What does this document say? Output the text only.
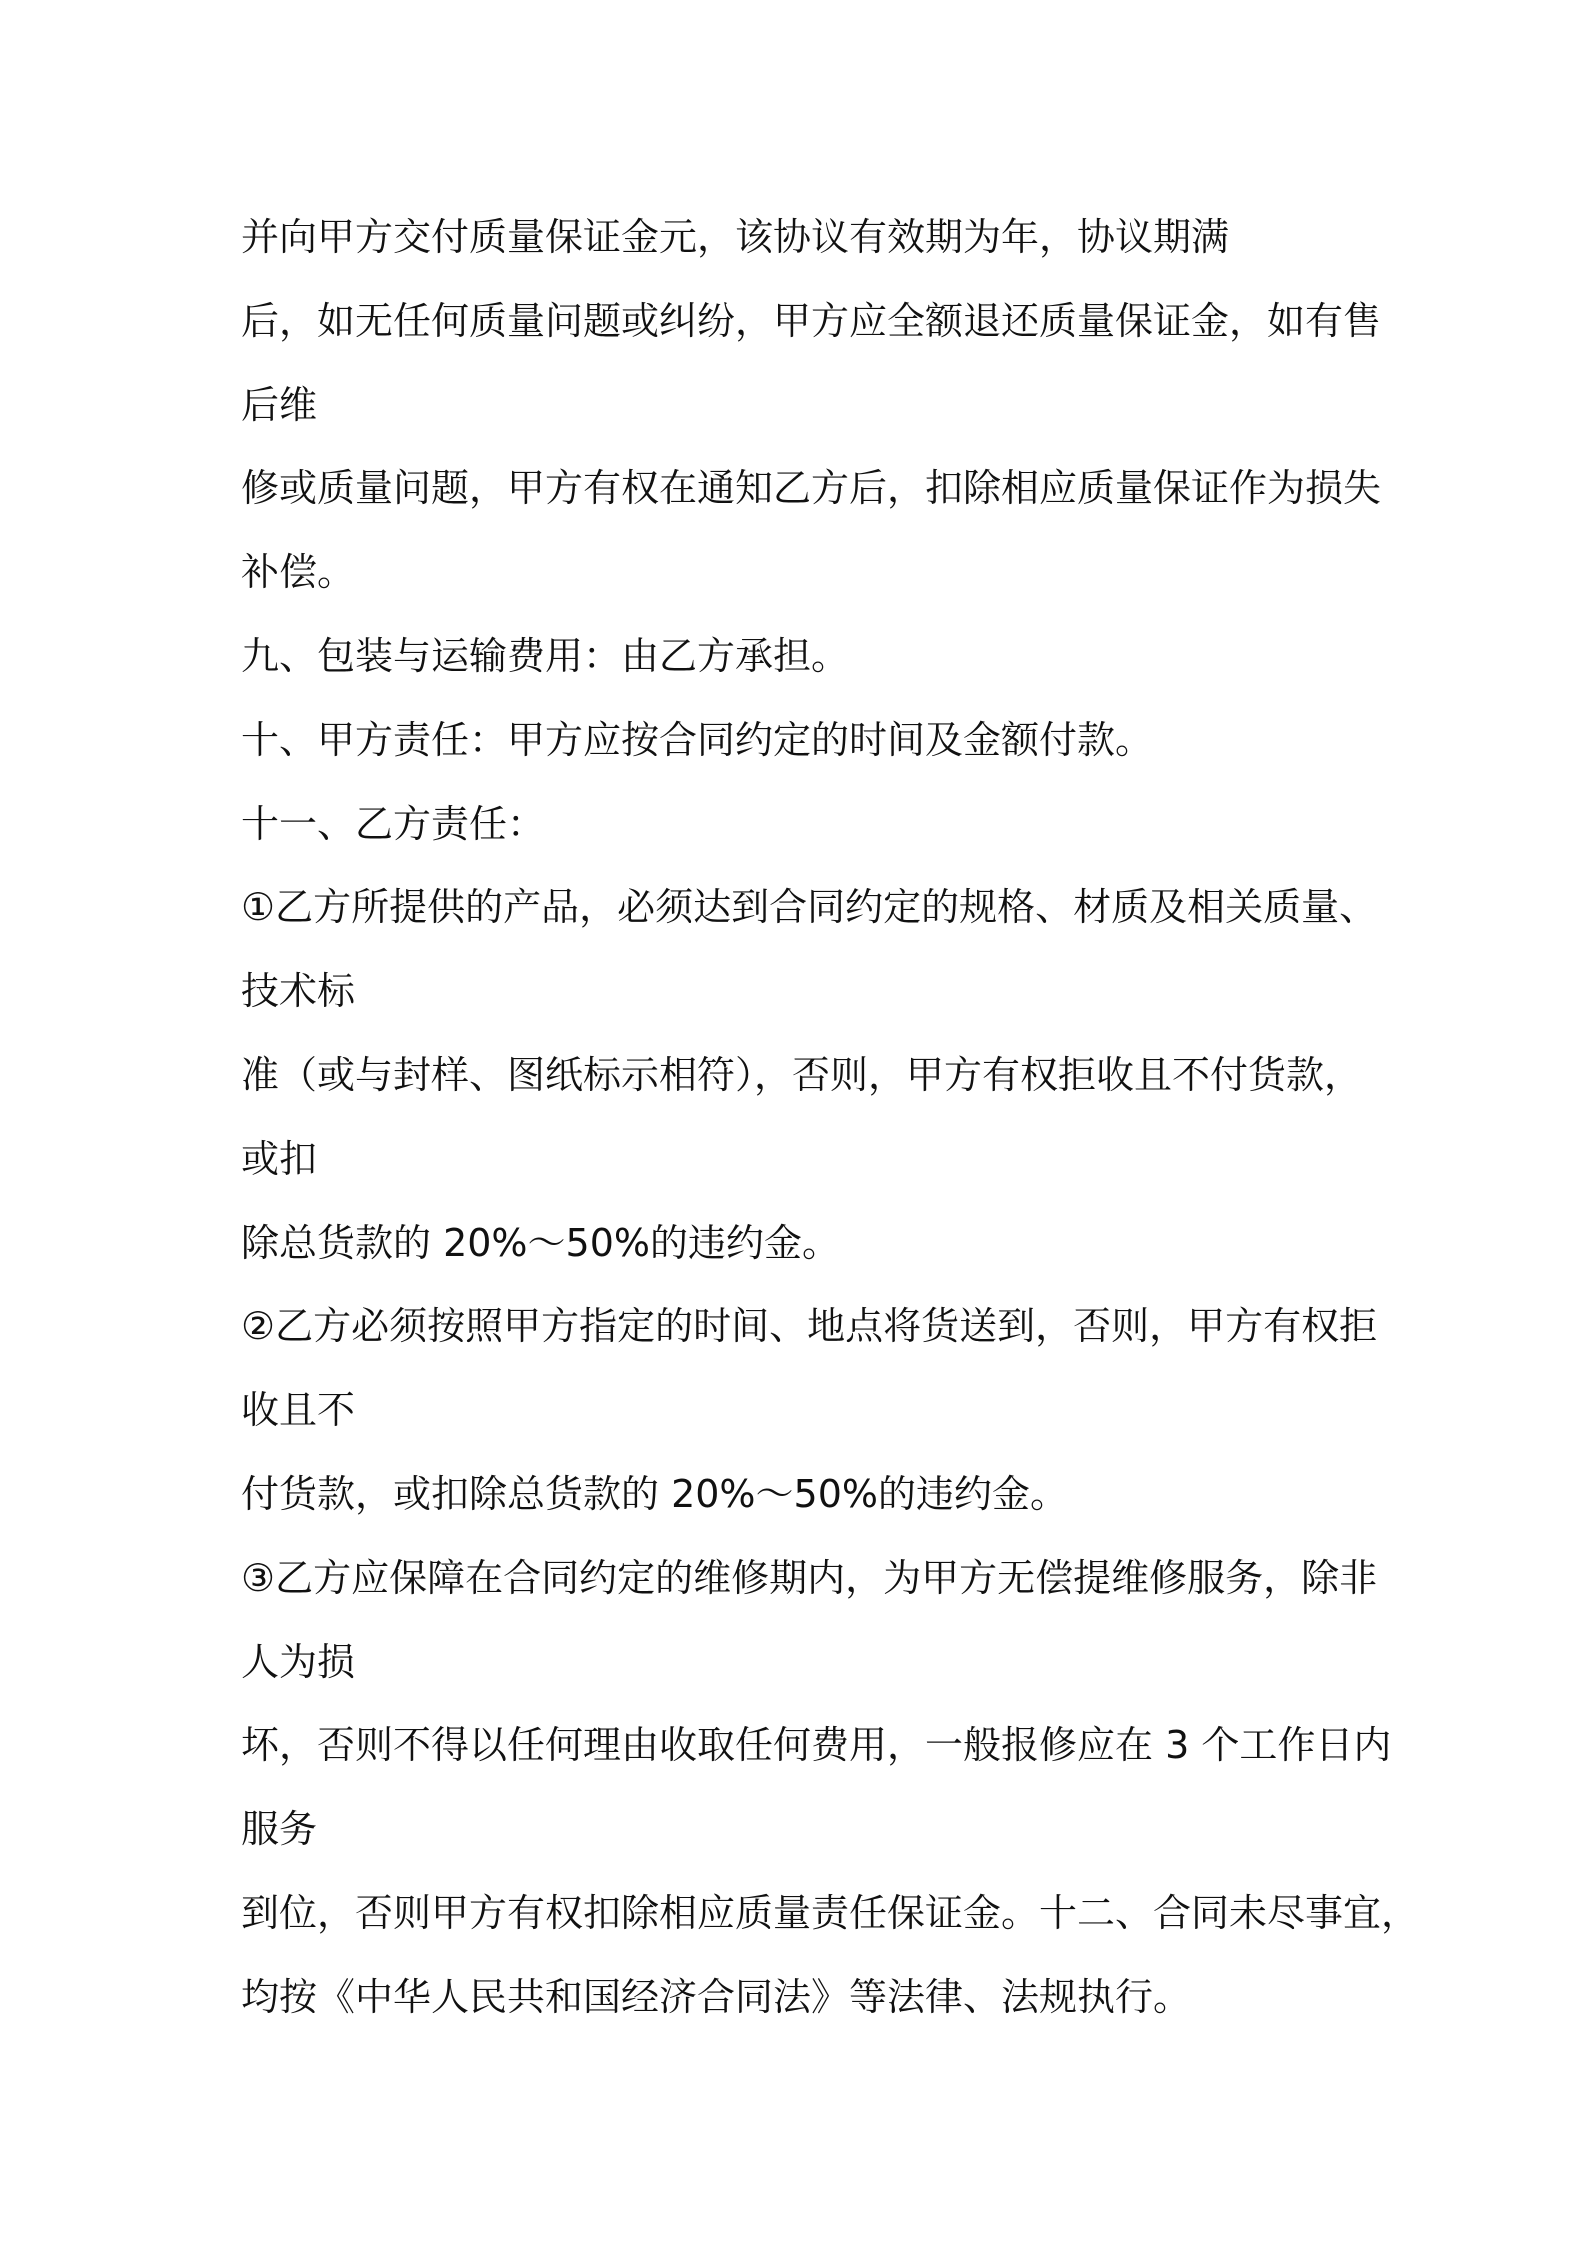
并向甲方交付质量保证金元，该协议有效期为年，协议期满
后，如无任何质量问题或纠纷，甲方应全额退还质量保证金，如有售
后维
修或质量问题，甲方有权在通知乙方后，扣除相应质量保证作为损失
补偿。
九、包装与运输费用：由乙方承担。
十、甲方责任：甲方应按合同约定的时间及金额付款。
十一、乙方责任：
①乙方所提供的产品，必须达到合同约定的规格、材质及相关质量、
技术标
准（或与封样、图纸标示相符），否则，甲方有权拒收且不付货款，
或扣
除总货款的 20%～50%的违约金。
②乙方必须按照甲方指定的时间、地点将货送到，否则，甲方有权拒
收且不
付货款，或扣除总货款的 20%～50%的违约金。
③乙方应保障在合同约定的维修期内，为甲方无偿提维修服务，除非
人为损
坏，否则不得以任何理由收取任何费用，一般报修应在 3 个工作日内
服务
到位，否则甲方有权扣除相应质量责任保证金。十二、合同未尽事宜，
均按《中华人民共和国经济合同法》等法律、法规执行。
